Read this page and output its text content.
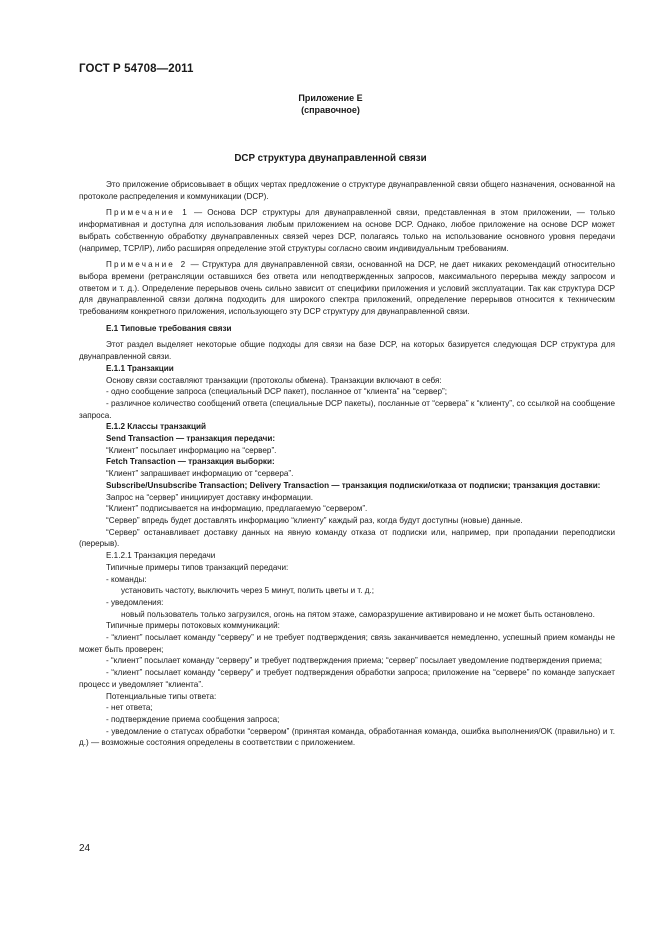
ГОСТ Р 54708—2011
Приложение Е
(справочное)
DCP структура двунаправленной связи

Это приложение обрисовывает в общих чертах предложение о структуре двунаправленной связи общего назначения, основанной на протоколе распределения и коммуникации (DCP).

Примечание 1 — Основа DCP структуры для двунаправленной связи, представленная в этом приложении, — только информативная и доступна для использования любым приложением на основе DCP. Однако, любое приложение на основе DCP может выбрать собственную обработку двунаправленных связей через DCP, полагаясь только на использование основного уровня передачи (например, TCP/IP), либо расширяя определение этой структуры согласно своим индивидуальным требованиям.

Примечание 2 — Структура для двунаправленной связи, основанной на DCP, не дает никаких рекомендаций относительно выбора времени (ретрансляции оставшихся без ответа или неподтвержденных запросов, максимального перерыва между запросом и ответом и т. д.). Определение перерывов очень сильно зависит от специфики приложения и условий эксплуатации. Так как структура DCP для двунаправленной связи должна подходить для широкого спектра приложений, определение перерывов относится к техническим требованиям конкретного приложения, использующего эту DCP структуру для двунаправленной связи.

Е.1 Типовые требования связи

Этот раздел выделяет некоторые общие подходы для связи на базе DCP, на которых базируется следующая DCP структура для двунаправленной связи.

Е.1.1 Транзакции

Основу связи составляют транзакции (протоколы обмена). Транзакции включают в себя:

- одно сообщение запроса (специальный DCP пакет), посланное от “клиента” на “сервер”;

- различное количество сообщений ответа (специальные DCP пакеты), посланные от “сервера” к “клиенту”, со ссылкой на сообщение запроса.

Е.1.2 Классы транзакций

Send Transaction — транзакция передачи:

“Клиент” посылает информацию на “сервер”.

Fetch Transaction — транзакция выборки:

“Клиент” запрашивает информацию от “сервера”.

Subscribe/Unsubscribe Transaction; Delivery Transaction — транзакция подписки/отказа от подписки; транзакция доставки:

Запрос на “сервер” инициирует доставку информации.

“Клиент” подписывается на информацию, предлагаемую “сервером”.

“Сервер” впредь будет доставлять информацию “клиенту” каждый раз, когда будут доступны (новые) данные.

“Сервер” останавливает доставку данных на явную команду отказа от подписки или, например, при пропадании переподписки (перерыв).

Е.1.2.1 Транзакция передачи

Типичные примеры типов транзакций передачи:

- команды:

установить частоту, выключить через 5 минут, полить цветы и т. д.;

- уведомления:

новый пользователь только загрузился, огонь на пятом этаже, саморазрушение активировано и не может быть остановлено.

Типичные примеры потоковых коммуникаций:

- “клиент” посылает команду “серверу” и не требует подтверждения; связь заканчивается немедленно, успешный прием команды не может быть проверен;

- “клиент” посылает команду “серверу” и требует подтверждения приема; “сервер” посылает уведомление подтверждения приема;

- “клиент” посылает команду “серверу” и требует подтверждения обработки запроса; приложение на “сервере” по команде запускает процесс и уведомляет “клиента”.

Потенциальные типы ответа:

- нет ответа;

- подтверждение приема сообщения запроса;

- уведомление о статусах обработки “сервером” (принятая команда, обработанная команда, ошибка выполнения/OK (правильно) и т. д.) — возможные состояния определены в соответствии с приложением.

24
